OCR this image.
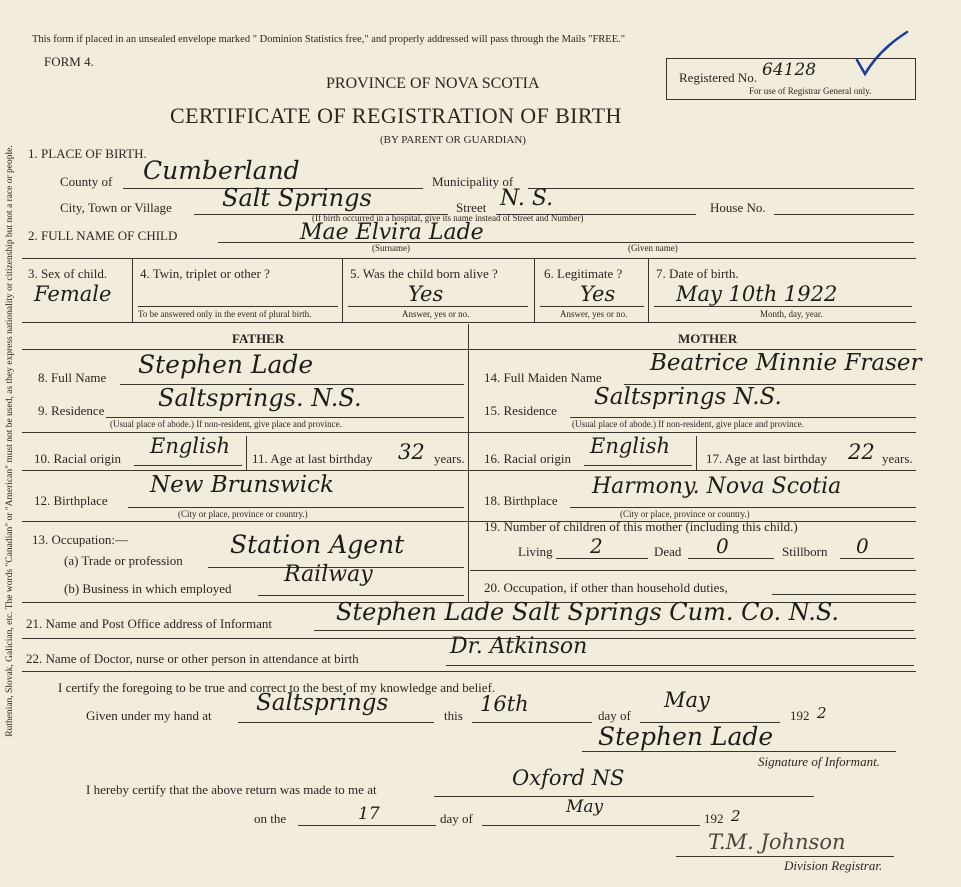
Ruthenian, Slovak, Galician, etc. The words "Canadian" or "American" must not be used, as they express nationality or citizenship but not a race or people.
This form if placed in an unsealed envelope marked " Dominion Statistics free," and properly addressed will pass through the Mails "FREE."
FORM 4.
Registered No. 64128
For use of Registrar General only.
PROVINCE OF NOVA SCOTIA
CERTIFICATE OF REGISTRATION OF BIRTH
(BY PARENT OR GUARDIAN)
1. PLACE OF BIRTH.
County of Cumberland	Municipality of
City, Town or Village Salt Springs	Street N. S.	House No.
(If birth occurred in a hospital, give its name instead of Street and Number)
2. FULL NAME OF CHILD	Mae Elvira Lade
(Surname)	(Given name)
3. Sex of child.
Female
4. Twin, triplet or other ?
To be answered only in the event of plural birth.
5. Was the child born alive ?
Yes
Answer, yes or no.
6. Legitimate ?
Yes
Answer, yes or no.
7. Date of birth.
May 10th 1922
Month, day, year.
FATHER	MOTHER
8. Full Name Stephen Lade	14. Full Maiden Name
Beatrice Minnie Fraser
9. Residence Saltsprings. N.S.
(Usual place of abode.) If non-resident, give place and province.
15. Residence
Saltsprings N.S.
(Usual place of abode.) If non-resident, give place and province.
10. Racial origin
English
11. Age at last birthday 32 years. 16. Racial origin
English
17. Age at last birthday 22 years.
12. Birthplace
New Brunswick
(City or place, province or country.)
18. Birthplace
Harmony. Nova Scotia
(City or place, province or country.)
13. Occupation:—
(a) Trade or profession
Station Agent
(b) Business in which employed
Railway
19. Number of children of this mother (including this child.)
Living 2	Dead 0	Stillborn 0
20. Occupation, if other than household duties,
21. Name and Post Office address of Informant	Stephen Lade Salt Springs Cum. Co. N.S.
22. Name of Doctor, nurse or other person in attendance at birth	Dr. Atkinson
I certify the foregoing to be true and correct to the best of my knowledge and belief.
Given under my hand at Saltsprings	this 16th	day of
May
192 2
Stephen Lade
Signature of Informant.
I hereby certify that the above return was made to me at	Oxford NS
on the	17	day of
May
192 2
T.M. Johnson
Division Registrar.
